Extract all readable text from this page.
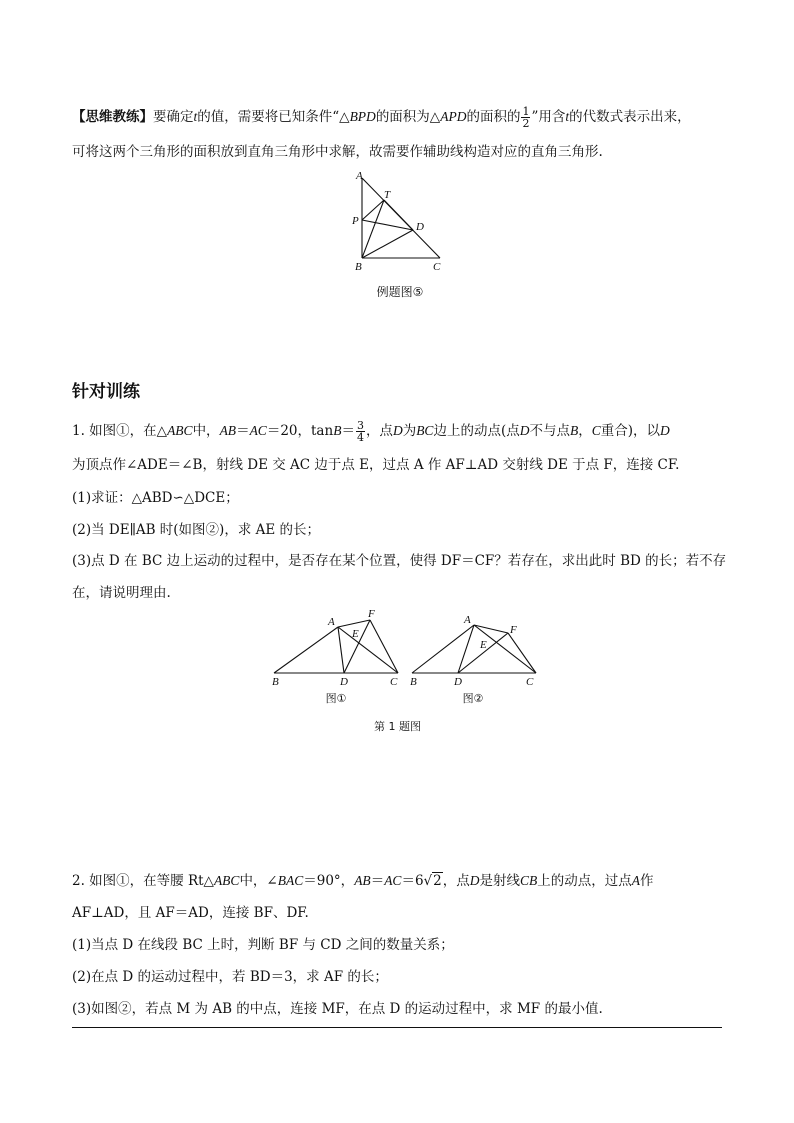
【思维教练】要确定t的值，需要将已知条件“△BPD的面积为△APD的面积的 $\frac{1}{2}$ ”用含t的代数式表示出来，
可将这两个三角形的面积放到直角三角形中求解，故需要作辅助线构造对应的直角三角形.
A
T
P	D
B	C
例题图⑤
针对训练
1. 如图①，在△ABC中，AB＝AC＝20，$\tan B= \frac{3}{4}$ ，点D为BC边上的动点(点D不与点B，C重合)，以D
为顶点作∠ADE＝∠B，射线 DE 交 AC 边于点 E，过点 A 作 AF⊥AD 交射线 DE 于点 F，连接 CF.
(1)求证：△ABD∽△DCE；
(2)当 DE∥AB 时(如图②)，求 AE 的长；
(3)点 D 在 BC 边上运动的过程中，是否存在某个位置，使得 DF＝CF？若存在，求出此时 BD 的长；若不存
在，请说明理由.
A
F
E
B	D	C
图①
A
F
E
B	D	C
图②
第 1 题图
2. 如图①，在等腰 Rt△ABC中，∠BAC＝90°，AB＝AC＝6√2，点D是射线CB上的动点，过点A作
AF⊥AD，且 AF＝AD，连接 BF、DF.
(1)当点 D 在线段 BC 上时，判断 BF 与 CD 之间的数量关系；
(2)在点 D 的运动过程中，若 BD＝3，求 AF 的长；
(3)如图②，若点 M 为 AB 的中点，连接 MF，在点 D 的运动过程中，求 MF 的最小值.
